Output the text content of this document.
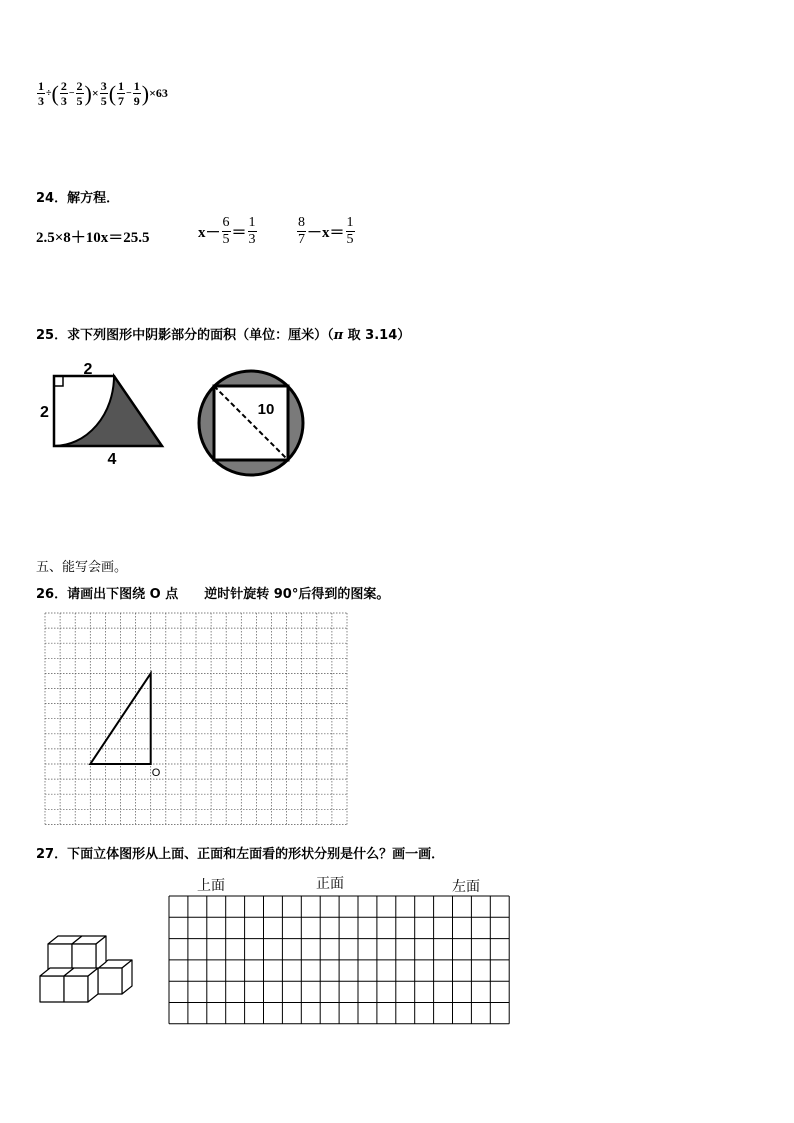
$\frac{1}{3}$ ÷ ( $\frac{2}{3} - \frac{2}{5}$ ) × $\frac{3}{5}$ ( $\frac{1}{7} - \frac{1}{9}$ ) ×63
24．解方程．
2.5×8＋10x＝25.5	$x- \frac{6}{5} = \frac{1}{3}$	$\frac{8}{7} -x= \frac{1}{5}$
25．求下列图形中阴影部分的面积（单位：厘米）（π 取 3.14）
2
2
4
10
五、能写会画。
26．请画出下图绕 O 点 逆时针旋转 90°后得到的图案。
O
27．下面立体图形从上面、正面和左面看的形状分别是什么？画一画．
上面	正面	左面
